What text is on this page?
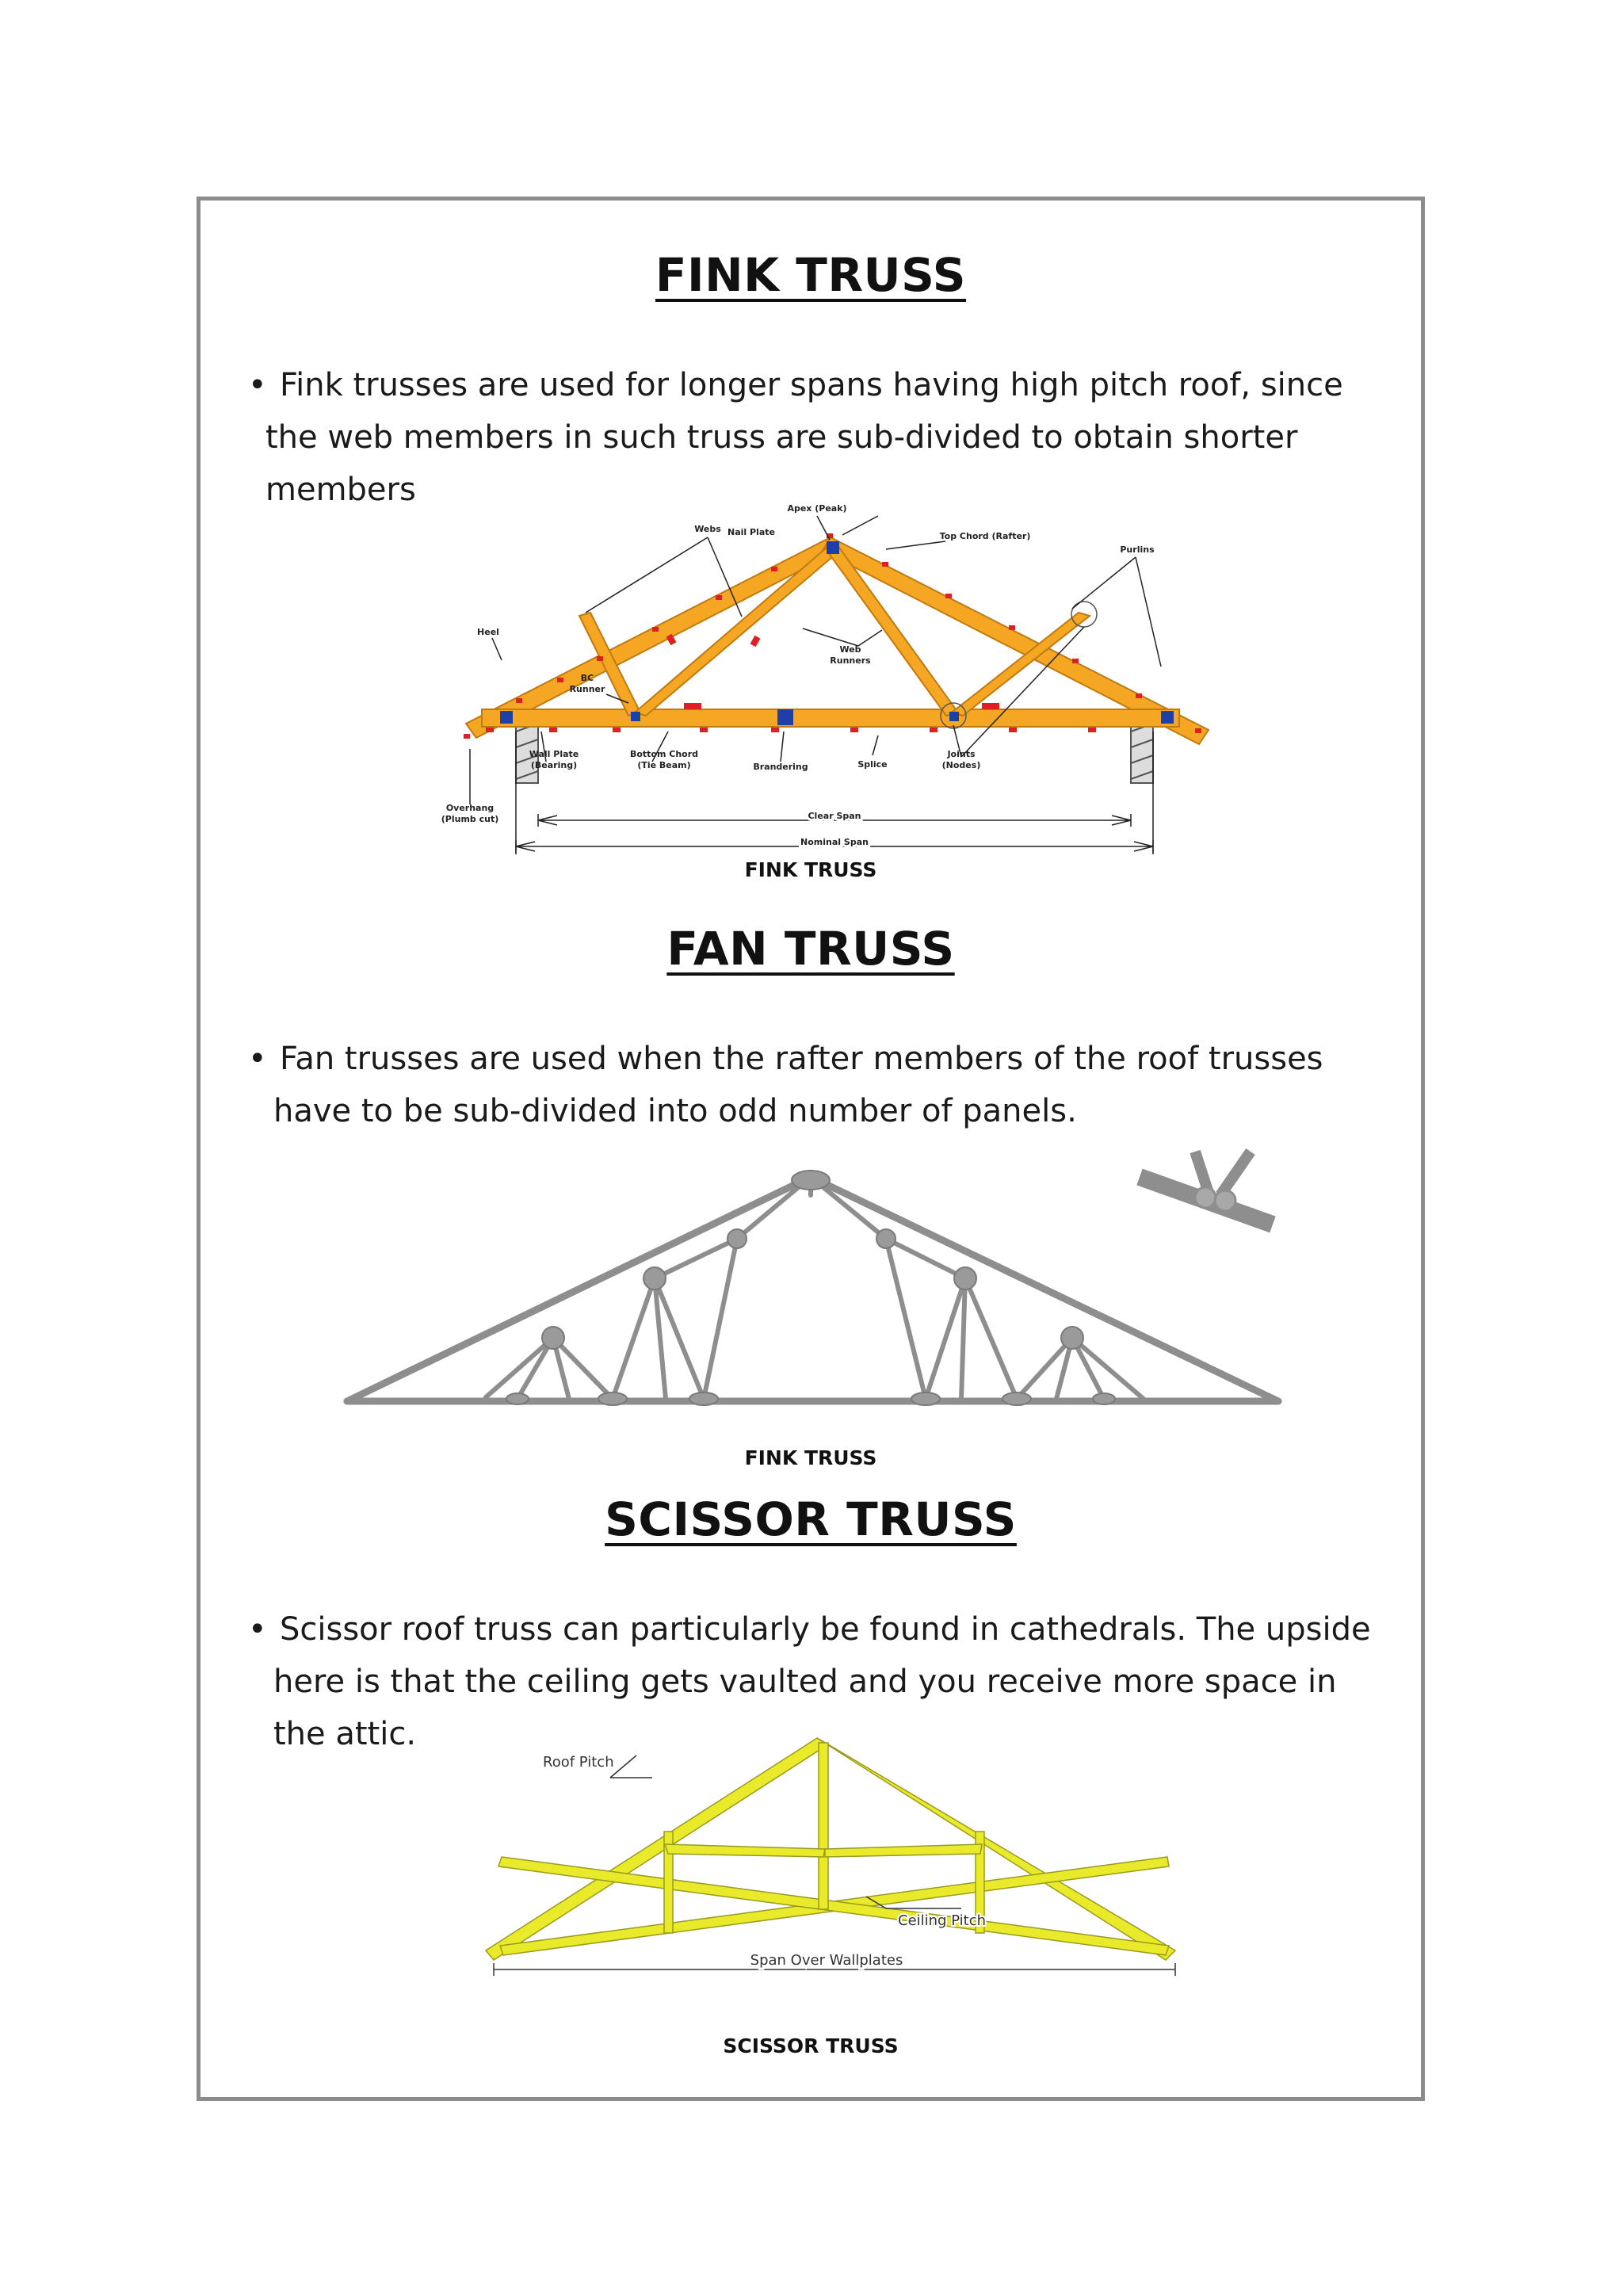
FINK TRUSS
• Fink trusses are used for longer spans having high pitch roof, since

the web members in such truss are sub-divided to obtain shorter

members

Apex (Peak)
Nail Plate
Webs
Top Chord (Rafter)
Purlins
Heel
BC
Runner
Web
Runners
Wall Plate
(Bearing)
Bottom Chord
(Tie Beam)	Brandering	Splice
Joints
(Nodes)
Overhang
(Plumb cut)	Clear Span
Nominal Span
FINK TRUSS
FAN TRUSS
• Fan trusses are used when the rafter members of the roof trusses

have to be sub-divided into odd number of panels.

FINK TRUSS
SCISSOR TRUSS
• Scissor roof truss can particularly be found in cathedrals. The upside

here is that the ceiling gets vaulted and you receive more space in

the attic.

Roof Pitch
Ceiling Pitch
Span Over Wallplates
SCISSOR TRUSS
